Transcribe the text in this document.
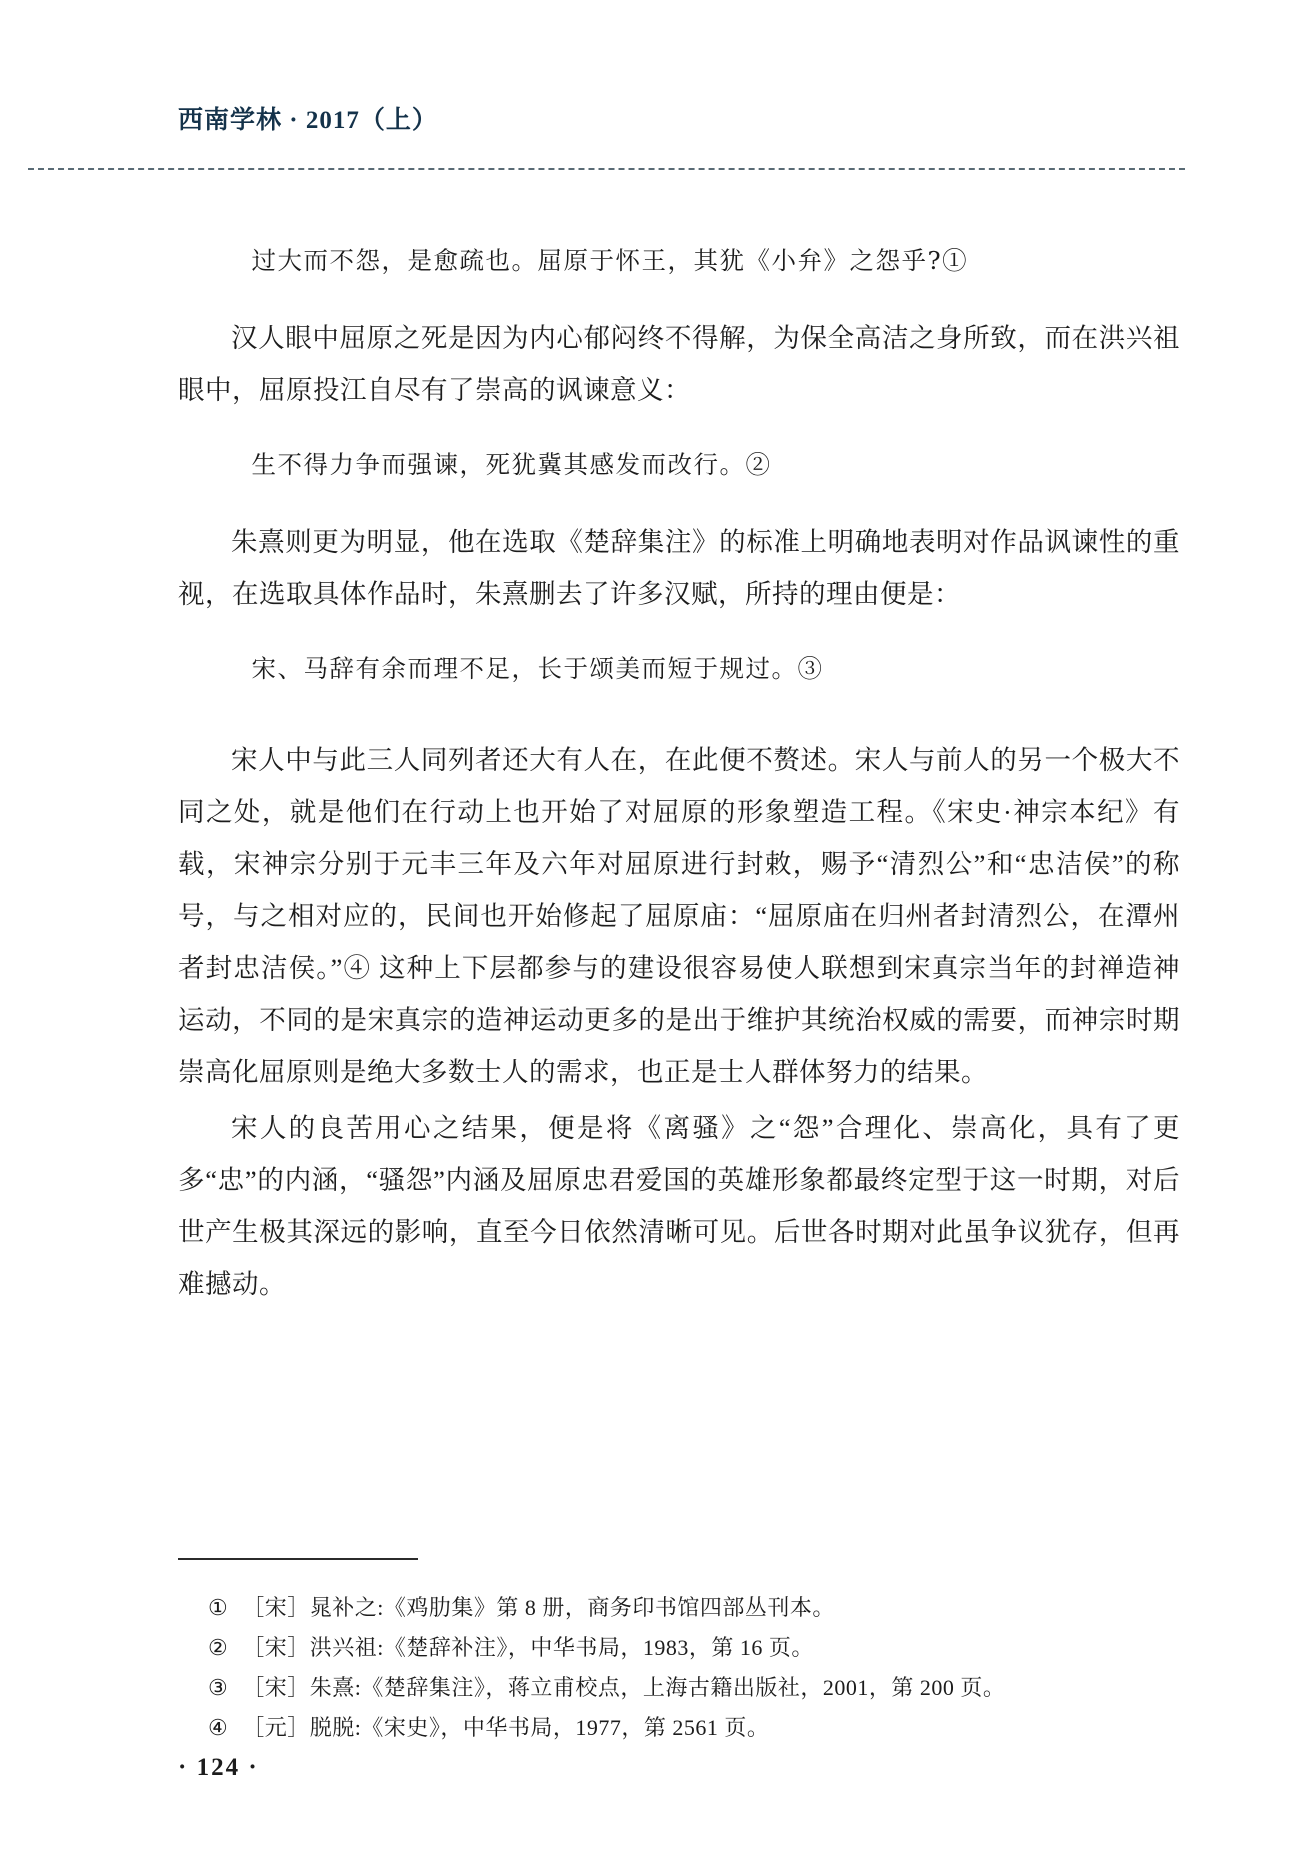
西南学林 · 2017（上）

过大而不怨，是愈疏也。屈原于怀王，其犹《小弁》之怨乎?①

汉人眼中屈原之死是因为内心郁闷终不得解，为保全高洁之身所致，而在洪兴祖眼中，屈原投江自尽有了崇高的讽谏意义：

生不得力争而强谏，死犹冀其感发而改行。②

朱熹则更为明显，他在选取《楚辞集注》的标准上明确地表明对作品讽谏性的重视，在选取具体作品时，朱熹删去了许多汉赋，所持的理由便是：

宋、马辞有余而理不足，长于颂美而短于规过。③

宋人中与此三人同列者还大有人在，在此便不赘述。宋人与前人的另一个极大不同之处，就是他们在行动上也开始了对屈原的形象塑造工程。《宋史·神宗本纪》有载，宋神宗分别于元丰三年及六年对屈原进行封敕，赐予“清烈公”和“忠洁侯”的称号，与之相对应的，民间也开始修起了屈原庙：“屈原庙在归州者封清烈公，在潭州者封忠洁侯。”④ 这种上下层都参与的建设很容易使人联想到宋真宗当年的封禅造神运动，不同的是宋真宗的造神运动更多的是出于维护其统治权威的需要，而神宗时期崇高化屈原则是绝大多数士人的需求，也正是士人群体努力的结果。

宋人的良苦用心之结果，便是将《离骚》之“怨”合理化、崇高化，具有了更多“忠”的内涵，“骚怨”内涵及屈原忠君爱国的英雄形象都最终定型于这一时期，对后世产生极其深远的影响，直至今日依然清晰可见。后世各时期对此虽争议犹存，但再难撼动。

① ［宋］晁补之:《鸡肋集》第 8 册，商务印书馆四部丛刊本。
② ［宋］洪兴祖:《楚辞补注》，中华书局，1983，第 16 页。
③ ［宋］朱熹:《楚辞集注》，蒋立甫校点，上海古籍出版社，2001，第 200 页。
④ ［元］脱脱:《宋史》，中华书局，1977，第 2561 页。
· 124 ·
